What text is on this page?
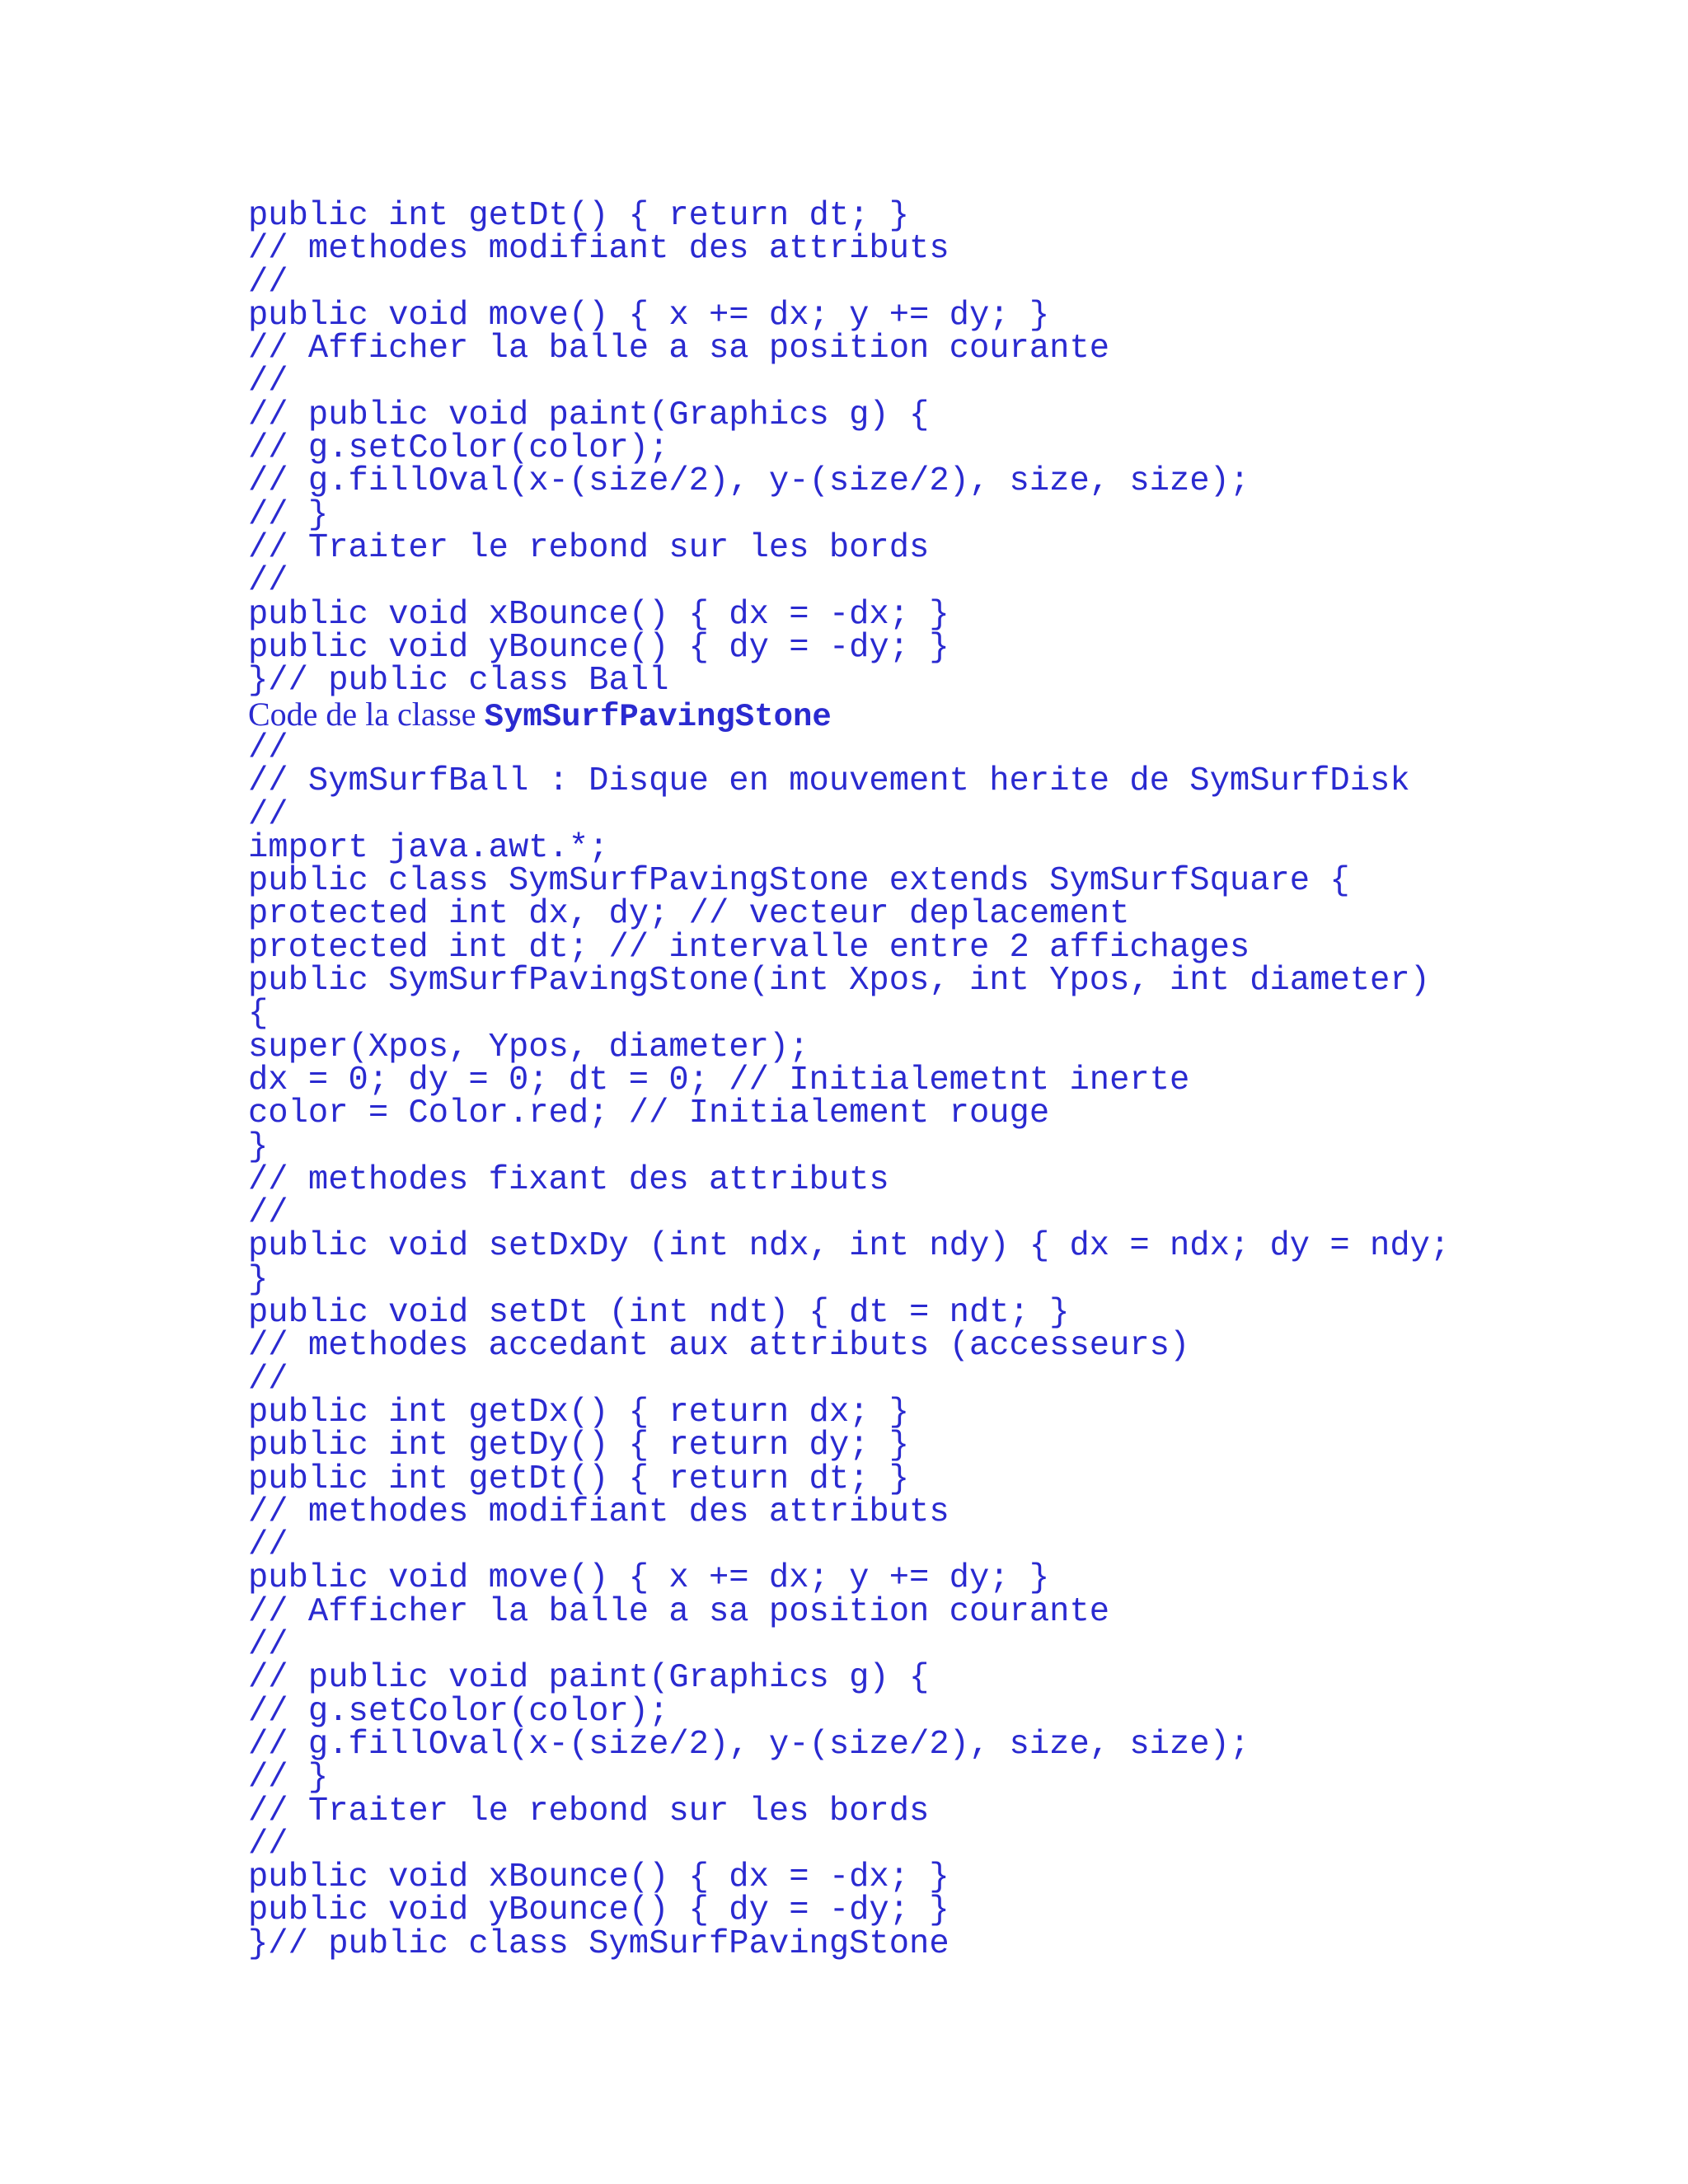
public int getDt() { return dt; }
// methodes modifiant des attributs
//
public void move() { x += dx; y += dy; }
// Afficher la balle a sa position courante
//
// public void paint(Graphics g) {
// g.setColor(color);
// g.fillOval(x-(size/2), y-(size/2), size, size);
// }
// Traiter le rebond sur les bords
//
public void xBounce() { dx = -dx; }
public void yBounce() { dy = -dy; }
}// public class Ball
Code de la classe SymSurfPavingStone
//
// SymSurfBall : Disque en mouvement herite de SymSurfDisk
//
import java.awt.*;
public class SymSurfPavingStone extends SymSurfSquare {
protected int dx, dy; // vecteur deplacement
protected int dt; // intervalle entre 2 affichages
public SymSurfPavingStone(int Xpos, int Ypos, int diameter)
{
super(Xpos, Ypos, diameter);
dx = 0; dy = 0; dt = 0; // Initialemetnt inerte
color = Color.red; // Initialement rouge
}
// methodes fixant des attributs
//
public void setDxDy (int ndx, int ndy) { dx = ndx; dy = ndy;
}
public void setDt (int ndt) { dt = ndt; }
// methodes accedant aux attributs (accesseurs)
//
public int getDx() { return dx; }
public int getDy() { return dy; }
public int getDt() { return dt; }
// methodes modifiant des attributs
//
public void move() { x += dx; y += dy; }
// Afficher la balle a sa position courante
//
// public void paint(Graphics g) {
// g.setColor(color);
// g.fillOval(x-(size/2), y-(size/2), size, size);
// }
// Traiter le rebond sur les bords
//
public void xBounce() { dx = -dx; }
public void yBounce() { dy = -dy; }
}// public class SymSurfPavingStone
